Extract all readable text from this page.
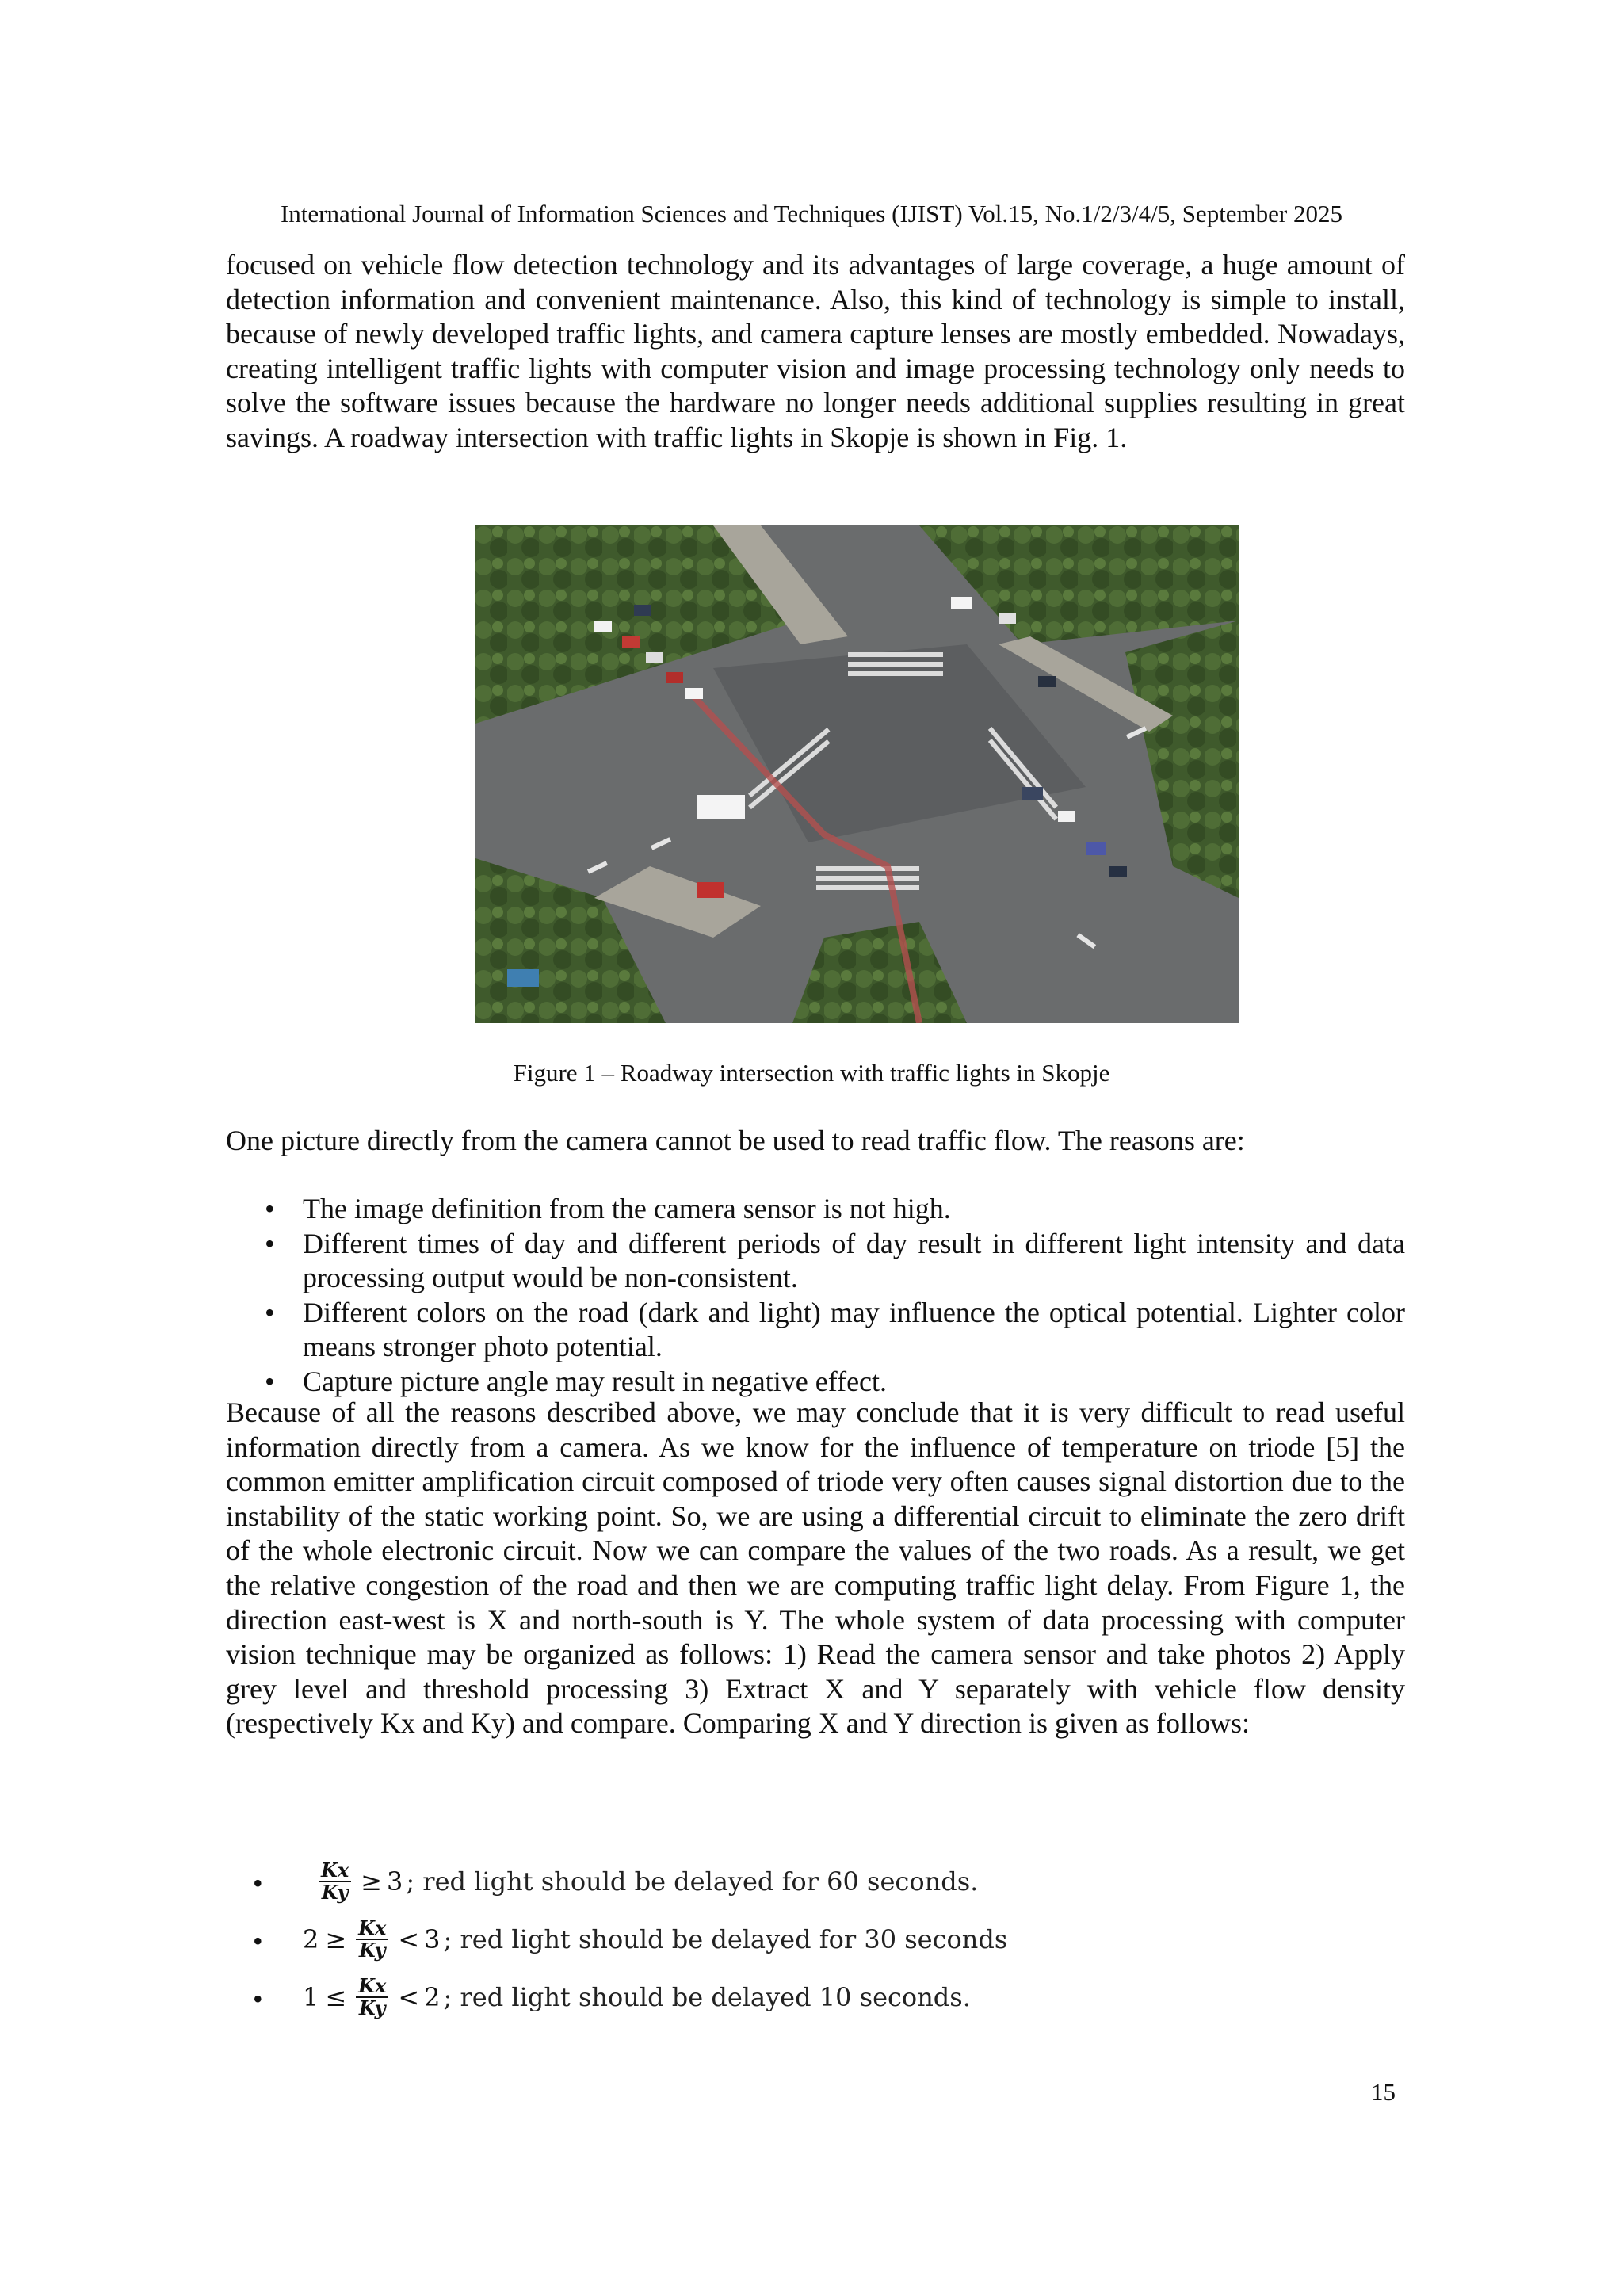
International Journal of Information Sciences and Techniques (IJIST) Vol.15, No.1/2/3/4/5, September 2025

focused on vehicle flow detection technology and its advantages of large coverage, a huge amount of detection information and convenient maintenance. Also, this kind of technology is simple to install, because of newly developed traffic lights, and camera capture lenses are mostly embedded. Nowadays, creating intelligent traffic lights with computer vision and image processing technology only needs to solve the software issues because the hardware no longer needs additional supplies resulting in great savings. A roadway intersection with traffic lights in Skopje is shown in Fig. 1.

Figure 1 – Roadway intersection with traffic lights in Skopje

One picture directly from the camera cannot be used to read traffic flow. The reasons are:

• The image definition from the camera sensor is not high.
• Different times of day and different periods of day result in different light intensity and data processing output would be non-consistent.
• Different colors on the road (dark and light) may influence the optical potential. Lighter color means stronger photo potential.
• Capture picture angle may result in negative effect.

Because of all the reasons described above, we may conclude that it is very difficult to read useful information directly from a camera. As we know for the influence of temperature on triode [5] the common emitter amplification circuit composed of triode very often causes signal distortion due to the instability of the static working point. So, we are using a differential circuit to eliminate the zero drift of the whole electronic circuit. Now we can compare the values of the two roads. As a result, we get the relative congestion of the road and then we are computing traffic light delay. From Figure 1, the direction east-west is X and north-south is Y. The whole system of data processing with computer vision technique may be organized as follows: 1) Read the camera sensor and take photos 2) Apply grey level and threshold processing 3) Extract X and Y separately with vehicle flow density (respectively Kx and Ky) and compare. Comparing X and Y direction is given as follows:

•	$\frac{Kx}{Ky} \ge 3$ ; red light should be delayed for 60 seconds.
• $2 \ge \frac{Kx}{Ky} < 3$ ; red light should be delayed for 30 seconds
• $1 \le \frac{Kx}{Ky} < 2$ ; red light should be delayed 10 seconds.
15
